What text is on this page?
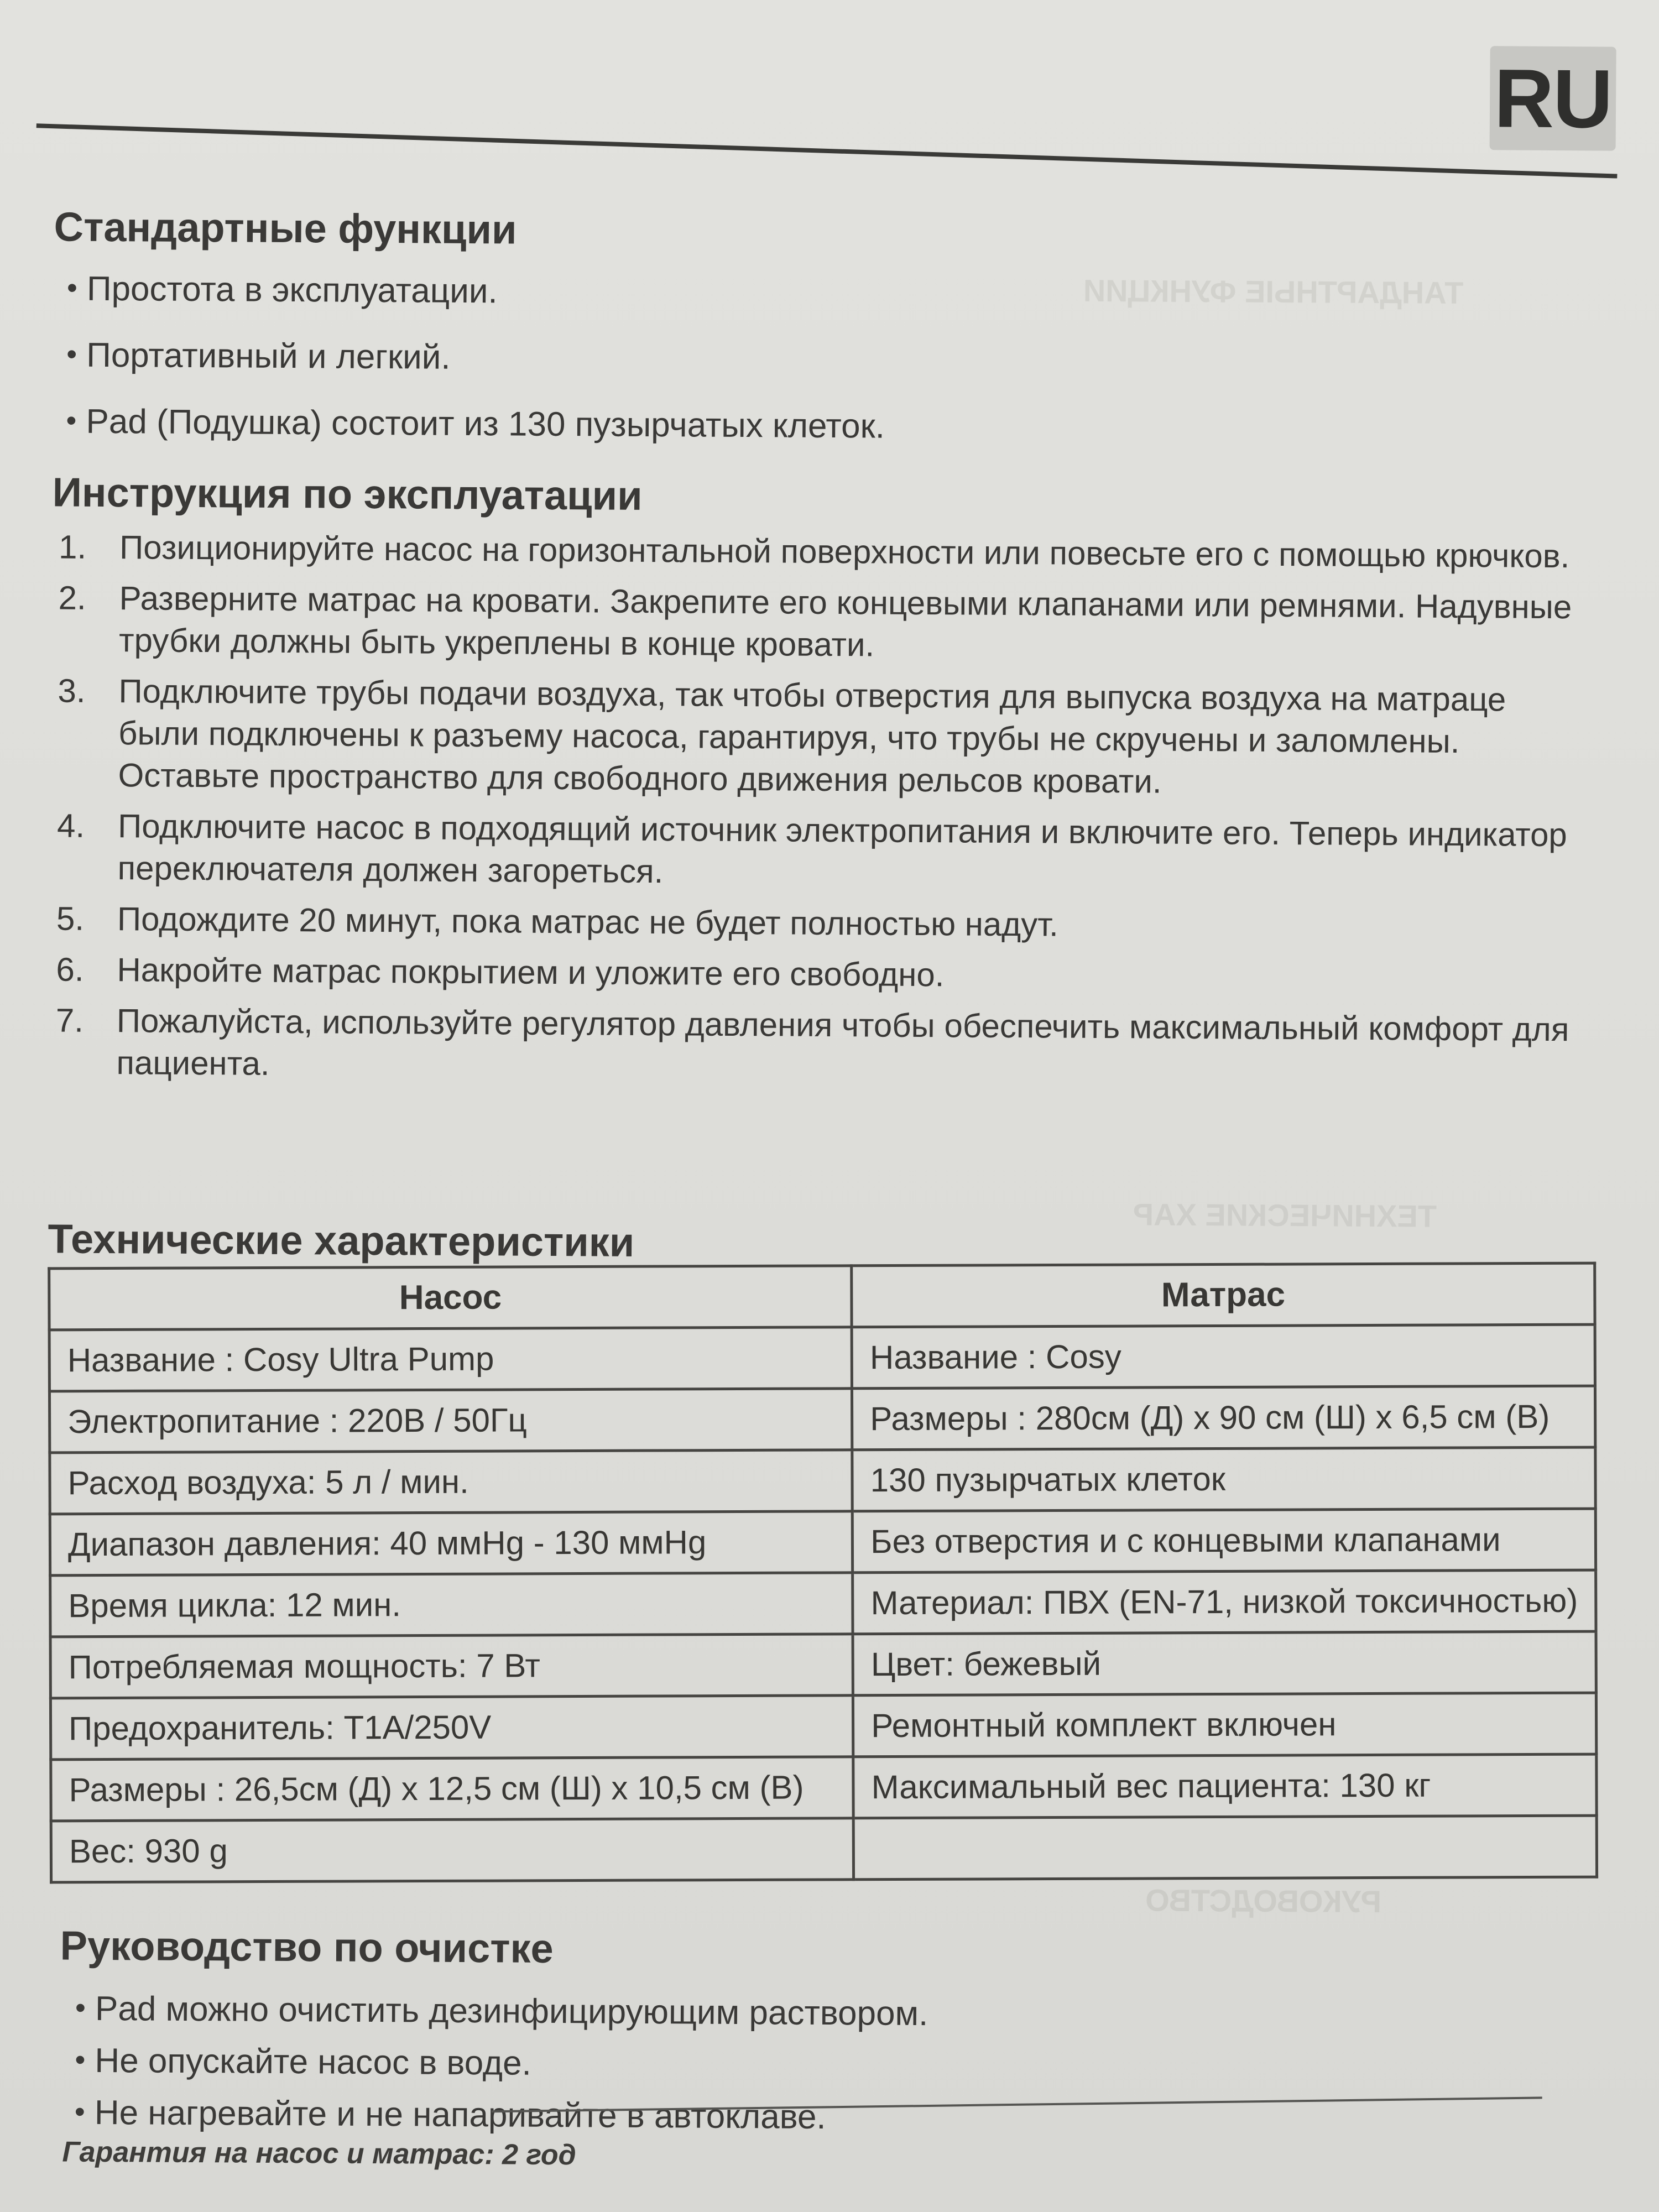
ТАНДАРТНЫЕ ФУНКЦИИ
ТЕХНИЧЕСКИЕ ХАР
РУКОВОДСТВО
RU
Стандартные функции
• Простота в эксплуатации.
• Портативный и легкий.
• Pad (Подушка) состоит из 130 пузырчатых клеток.
Инструкция по эксплуатации
1. Позиционируйте насос на горизонтальной поверхности или повесьте его с помощью крючков.
2. Разверните матрас на кровати. Закрепите его концевыми клапанами или ремнями. Надувные трубки должны быть укреплены в конце кровати.
3. Подключите трубы подачи воздуха, так чтобы отверстия для выпуска воздуха на матраце были подключены к разъему насоса, гарантируя, что трубы не скручены и заломлены. Оставьте пространство для свободного движения рельсов кровати.
4. Подключите насос в подходящий источник электропитания и включите его. Теперь индикатор переключателя должен загореться.
5. Подождите 20 минут, пока матрас не будет полностью надут.
6. Накройте матрас покрытием и уложите его свободно.
7. Пожалуйста, используйте регулятор давления чтобы обеспечить максимальный комфорт для пациента.
Технические характеристики
Насос	Матрас
Название : Cosy Ultra Pump	Название : Cosy
Электропитание : 220В / 50Гц	Размеры : 280см (Д) x 90 см (Ш) x 6,5 см (В)
Расход воздуха: 5 л / мин.	130 пузырчатых клеток
Диапазон давления: 40 ммHg - 130 ммHg	Без отверстия и с концевыми клапанами
Время цикла: 12 мин.	Материал: ПВХ (EN-71, низкой токсичностью)
Потребляемая мощность: 7 Вт	Цвет: бежевый
Предохранитель: T1A/250V	Ремонтный комплект включен
Размеры : 26,5см (Д) x 12,5 см (Ш) x 10,5 см (В)	Максимальный вес пациента: 130 кг
Вес: 930 g	
Руководство по очистке
• Pad можно очистить дезинфицирующим раствором.
• Не опускайте насос в воде.
• Не нагревайте и не напаривайте в автоклаве.
Гарантия на насос и матрас: 2 год
